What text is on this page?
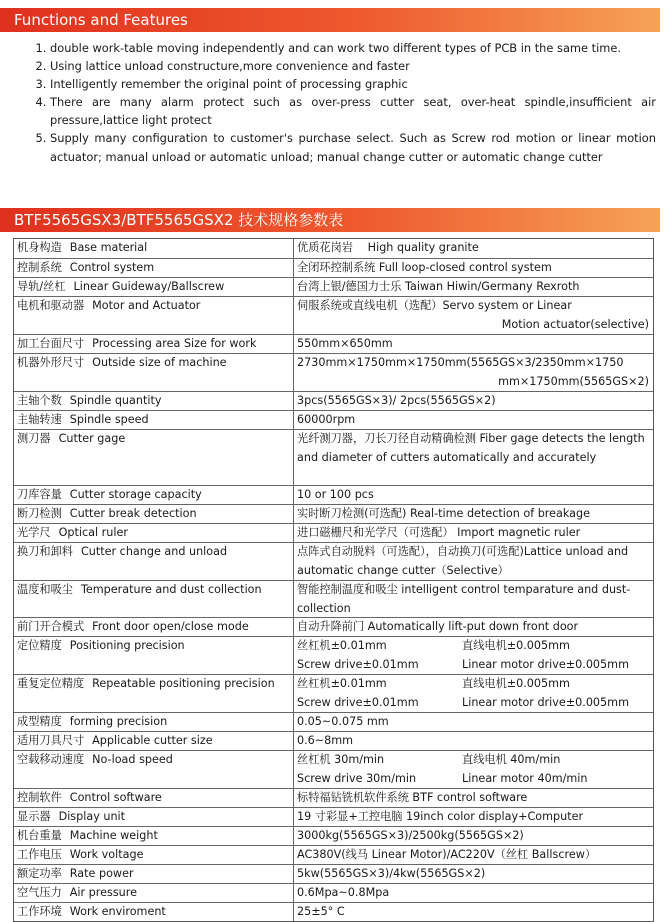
Functions and Features
1. double work-table moving independently and can work two different types of PCB in the same time.
2. Using lattice unload constructure,more convenience and faster
3. Intelligently remember the original point of processing graphic
4. There are many alarm protect such as over-press cutter seat, over-heat spindle,insufficient air pressure,lattice light protect
5. Supply many configuration to customer's purchase select. Such as Screw rod motion or linear motion actuator; manual unload or automatic unload; manual change cutter or automatic change cutter
BTF5565GSX3/BTF5565GSX2 技术规格参数表
机身构造 Base material	优质花岗岩　 High quality granite
控制系统 Control system	全闭环控制系统 Full loop-closed control system
导轨/丝杠 Linear Guideway/Ballscrew	台湾上银/德国力士乐 Taiwan Hiwin/Germany Rexroth
电机和驱动器 Motor and Actuator	伺服系统或直线电机（选配）Servo system or Linear
Motion actuator(selective)
加工台面尺寸 Processing area Size for work	550mm×650mm
机器外形尺寸 Outside size of machine	2730mm×1750mm×1750mm(5565GS×3/2350mm×1750
mm×1750mm(5565GS×2)
主轴个数 Spindle quantity	3pcs(5565GS×3)/ 2pcs(5565GS×2)
主轴转速 Spindle speed	60000rpm
测刀器 Cutter gage	光纤测刀器，刀长刀径自动精确检测 Fiber gage detects the length and diameter of cutters automatically and accurately
刀库容量 Cutter storage capacity	10 or 100 pcs
断刀检测 Cutter break detection	实时断刀检测(可选配) Real-time detection of breakage
光学尺 Optical ruler	进口磁栅尺和光学尺（可选配） Import magnetic ruler
换刀和卸料 Cutter change and unload	点阵式自动脱料（可选配），自动换刀(可选配)Lattice unload and automatic change cutter（Selective）
温度和吸尘 Temperature and dust collection	智能控制温度和吸尘 intelligent control temparature and dust-collection
前门开合模式 Front door open/close mode	自动升降前门 Automatically lift-put down front door
定位精度 Positioning precision	丝杠机±0.01mm	直线电机±0.005mm
Screw drive±0.01mm	Linear motor drive±0.005mm
重复定位精度 Repeatable positioning precision	丝杠机±0.01mm	直线电机±0.005mm
Screw drive±0.01mm	Linear motor drive±0.005mm
成型精度 forming precision	0.05~0.075 mm
适用刀具尺寸 Applicable cutter size	0.6~8mm
空载移动速度 No-load speed	丝杠机 30m/min	直线电机 40m/min
Screw drive 30m/min	Linear motor 40m/min
控制软件 Control software	标特福钻铣机软件系统 BTF control software
显示器 Display unit	19 寸彩显+工控电脑 19inch color display+Computer
机台重量 Machine weight	3000kg(5565GS×3)/2500kg(5565GS×2)
工作电压 Work voltage	AC380V(线马 Linear Motor)/AC220V（丝杠 Ballscrew）
额定功率 Rate power	5kw(5565GS×3)/4kw(5565GS×2)
空气压力 Air pressure	0.6Mpa~0.8Mpa
工作环境 Work enviroment	25±5° C
